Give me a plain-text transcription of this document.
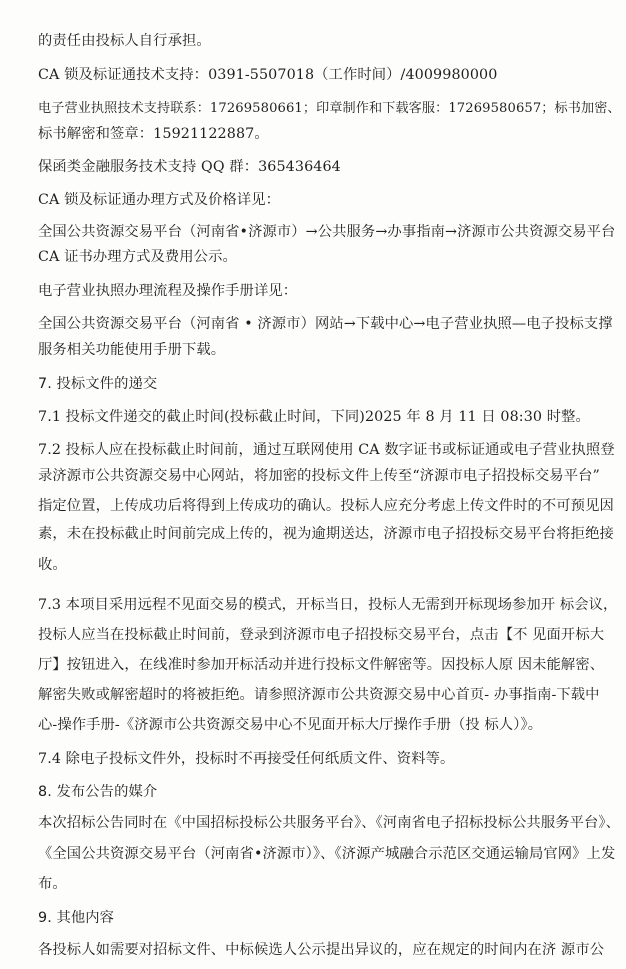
的责任由投标人自行承担。
CA 锁及标证通技术支持：0391-5507018（工作时间）/4009980000
电子营业执照技术支持联系：17269580661；印章制作和下载客服：17269580657；标书加密、
标书解密和签章：15921122887。
保函类金融服务技术支持 QQ 群：365436464
CA 锁及标证通办理方式及价格详见：
全国公共资源交易平台（河南省•济源市）→公共服务→办事指南→济源市公共资源交易平台
CA 证书办理方式及费用公示。
电子营业执照办理流程及操作手册详见：
全国公共资源交易平台（河南省 • 济源市）网站→下载中心→电子营业执照—电子投标支撑
服务相关功能使用手册下载。
7. 投标文件的递交
7.1 投标文件递交的截止时间(投标截止时间，下同)2025 年 8 月 11 日 08:30 时整。
7.2 投标人应在投标截止时间前，通过互联网使用 CA 数字证书或标证通或电子营业执照登
录济源市公共资源交易中心网站，将加密的投标文件上传至“济源市电子招投标交易平台”
指定位置，上传成功后将得到上传成功的确认。投标人应充分考虑上传文件时的不可预见因
素，未在投标截止时间前完成上传的，视为逾期送达，济源市电子招投标交易平台将拒绝接
收。
7.3 本项目采用远程不见面交易的模式，开标当日，投标人无需到开标现场参加开 标会议，
投标人应当在投标截止时间前，登录到济源市电子招投标交易平台，点击【不 见面开标大
厅】按钮进入，在线准时参加开标活动并进行投标文件解密等。因投标人原 因未能解密、
解密失败或解密超时的将被拒绝。请参照济源市公共资源交易中心首页- 办事指南-下载中
心-操作手册-《济源市公共资源交易中心不见面开标大厅操作手册（投 标人）》。
7.4 除电子投标文件外，投标时不再接受任何纸质文件、资料等。
8. 发布公告的媒介
本次招标公告同时在《中国招标投标公共服务平台》、《河南省电子招标投标公共服务平台》、
《全国公共资源交易平台（河南省•济源市）》、《济源产城融合示范区交通运输局官网》上发
布。
9. 其他内容
各投标人如需要对招标文件、中标候选人公示提出异议的，应在规定的时间内在济 源市公
